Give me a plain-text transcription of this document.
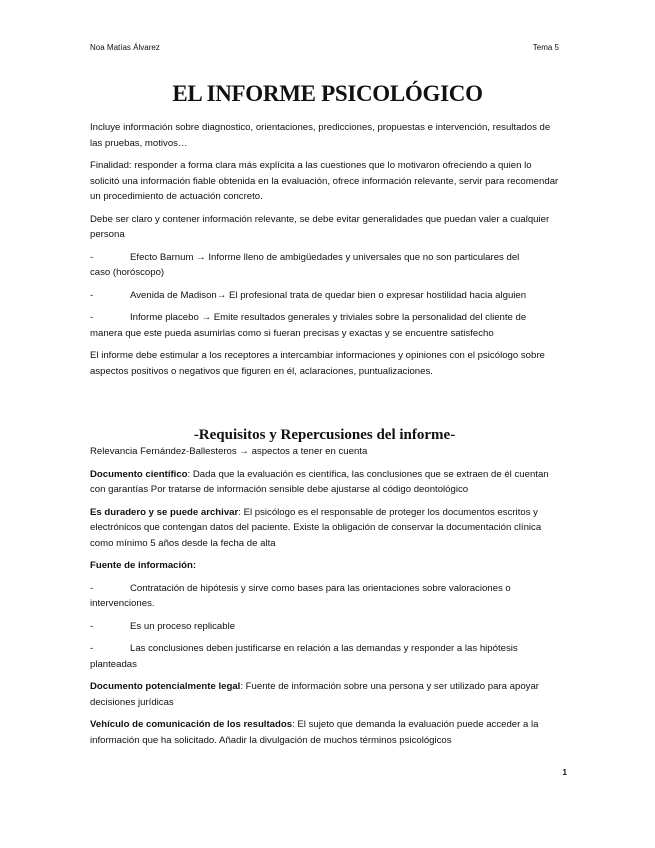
Noa Matías Álvarez	Tema 5
EL INFORME PSICOLÓGICO

Incluye información sobre diagnostico, orientaciones, predicciones, propuestas e intervención, resultados de las pruebas, motivos…

Finalidad: responder a forma clara más explícita a las cuestiones que lo motivaron ofreciendo a quien lo solicitó una información fiable obtenida en la evaluación, ofrece información relevante, servir para recomendar un procedimiento de actuación concreto.

Debe ser claro y contener información relevante, se debe evitar generalidades que puedan valer a cualquier persona

-	Efecto Barnum → Informe lleno de ambigüedades y universales que no son particulares del
caso (horóscopo)

-	Avenida de Madison→ El profesional trata de quedar bien o expresar hostilidad hacia alguien

-	Informe placebo → Emite resultados generales y triviales sobre la personalidad del cliente de
manera que este pueda asumirlas como si fueran precisas y exactas y se encuentre satisfecho

El informe debe estimular a los receptores a intercambiar informaciones y opiniones con el psicólogo sobre aspectos positivos o negativos que figuren en él, aclaraciones, puntualizaciones.

-Requisitos y Repercusiones del informe-

Relevancia Fernández-Ballesteros → aspectos a tener en cuenta

Documento científico: Dada que la evaluación es científica, las conclusiones que se extraen de él cuentan con garantías Por tratarse de información sensible debe ajustarse al código deontológico

Es duradero y se puede archivar: El psicólogo es el responsable de proteger los documentos escritos y electrónicos que contengan datos del paciente. Existe la obligación de conservar la documentación clínica como mínimo 5 años desde la fecha de alta

Fuente de información:

-	Contratación de hipótesis y sirve como bases para las orientaciones sobre valoraciones o
intervenciones.

-	Es un proceso replicable

-	Las conclusiones deben justificarse en relación a las demandas y responder a las hipótesis
planteadas

Documento potencialmente legal: Fuente de información sobre una persona y ser utilizado para apoyar decisiones jurídicas

Vehículo de comunicación de los resultados: El sujeto que demanda la evaluación puede acceder a la información que ha solicitado. Añadir la divulgación de muchos términos psicológicos

1
